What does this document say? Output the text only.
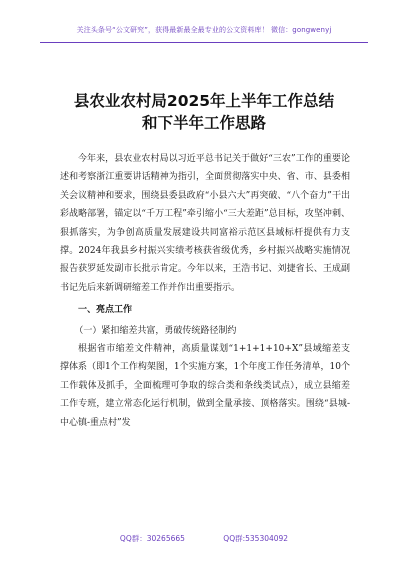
关注头条号“公文研究”，获得最新最全最专业的公文资料库！ 微信：gongwenyj
县农业农村局2025年上半年工作总结
和下半年工作思路

今年来，县农业农村局以习近平总书记关于做好“三农”工作的重要论述和考察浙江重要讲话精神为指引，全面贯彻落实中央、省、市、县委相关会议精神和要求，围绕县委县政府“小县六大”再突破、“八个奋力”干出彩战略部署，锚定以“千万工程”牵引缩小“三大差距”总目标，攻坚冲刺、狠抓落实，为争创高质量发展建设共同富裕示范区县域标杆提供有力支撑。2024年我县乡村振兴实绩考核获省级优秀，乡村振兴战略实施情况报告获罗延发副市长批示肯定。今年以来，王浩书记、刘捷省长、王成副书记先后来新调研缩差工作并作出重要指示。

一、亮点工作
（一）紧扣缩差共富，勇破传统路径制约

根据省市缩差文件精神，高质量谋划“1+1+1+10+X”县域缩差支撑体系（即1个工作构架图，1个实施方案，1个年度工作任务清单，10个工作载体及抓手，全面梳理可争取的综合类和条线类试点），成立县缩差工作专班，建立常态化运行机制，做到全量承接、顶格落实。围绕“县城-中心镇-重点村”发

QQ群：30265665	QQ群:535304092
